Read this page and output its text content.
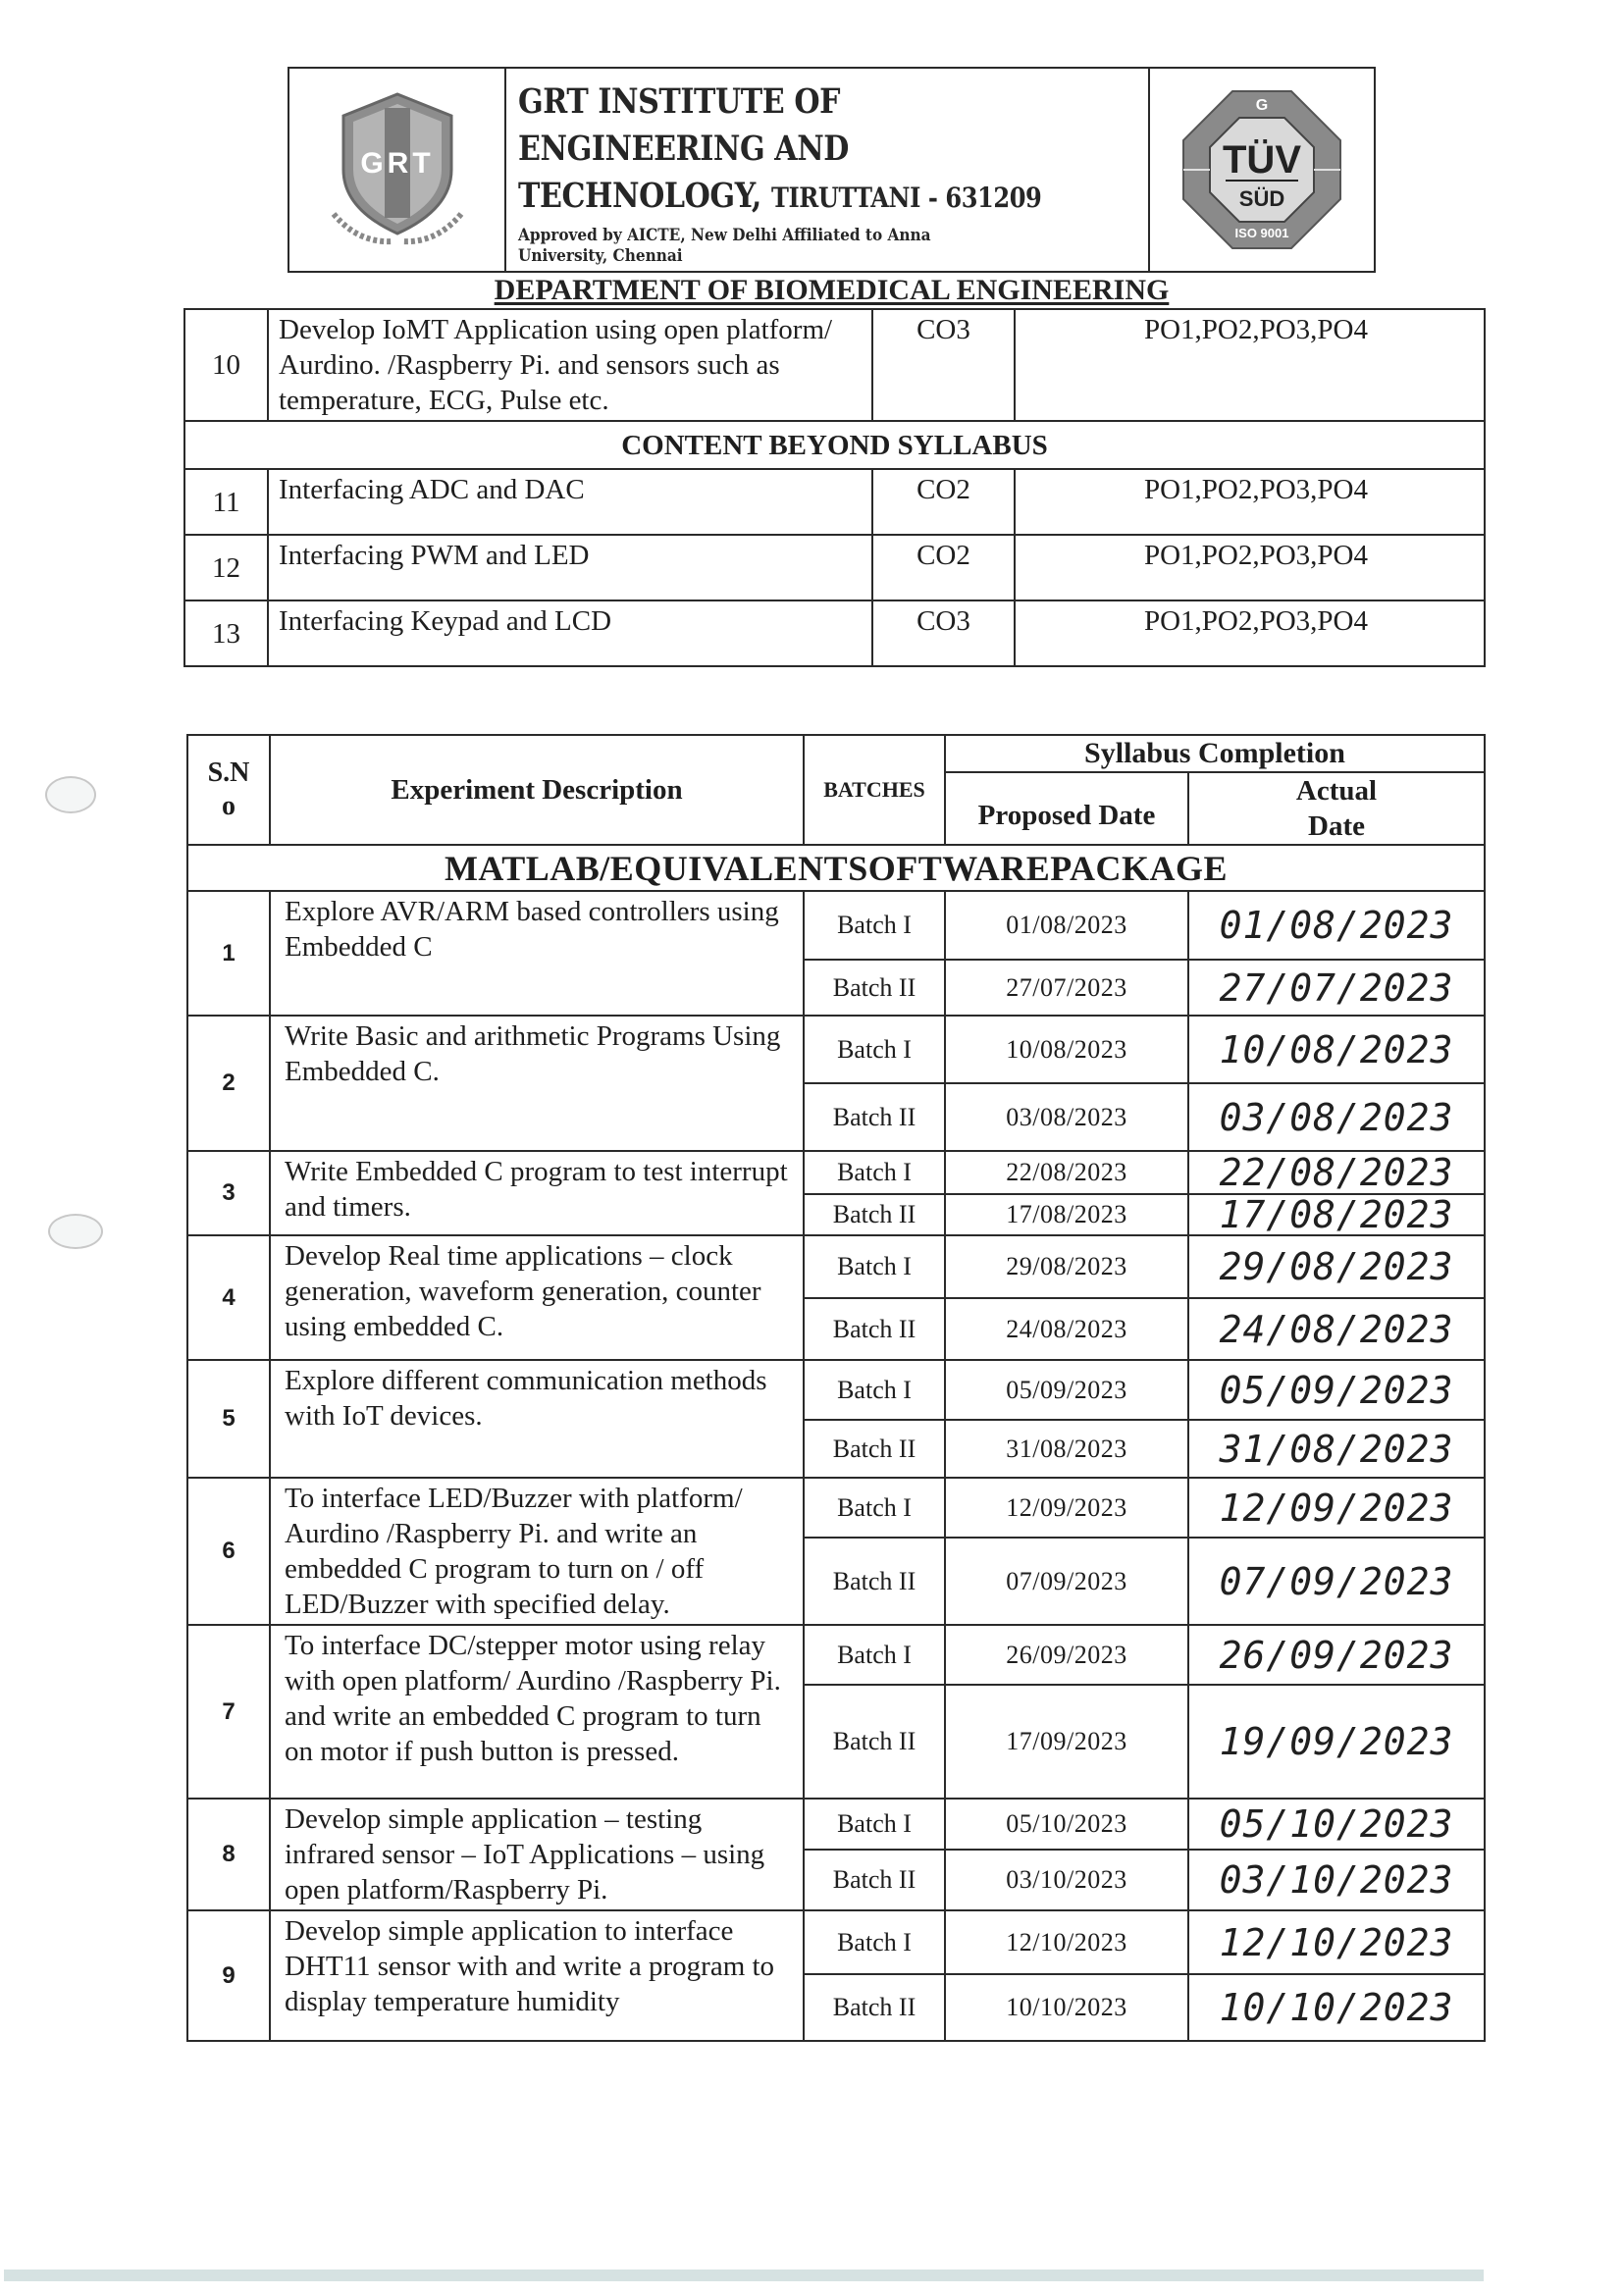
GRT
GRT INSTITUTE OF
ENGINEERING AND
TECHNOLOGY, TIRUTTANI - 631209
Approved by AICTE, New Delhi Affiliated to Anna
University, Chennai
G
TÜV
SÜD
ISO 9001
DEPARTMENT OF BIOMEDICAL ENGINEERING
10	Develop IoMT Application using open platform/ Aurdino. /Raspberry Pi. and sensors such as temperature, ECG, Pulse etc.	CO3	PO1,PO2,PO3,PO4
CONTENT BEYOND SYLLABUS			
11	Interfacing ADC and DAC	CO2	PO1,PO2,PO3,PO4
12	Interfacing PWM and LED	CO2	PO1,PO2,PO3,PO4
13	Interfacing Keypad and LCD	CO3	PO1,PO2,PO3,PO4
S.N
o	Experiment Description	BATCHES	Syllabus Completion	
			Proposed Date	Actual
Date

MATLAB/EQUIVALENTSOFTWAREPACKAGE				
1	Explore AVR/ARM based controllers using Embedded C	Batch I	01/08/2023	01/08/2023
		Batch II	27/07/2023	27/07/2023
2	Write Basic and arithmetic Programs Using Embedded C.	Batch I	10/08/2023	10/08/2023
		Batch II	03/08/2023	03/08/2023
3	Write Embedded C program to test interrupt and timers.	Batch I	22/08/2023	22/08/2023
		Batch II	17/08/2023	17/08/2023
4	Develop Real time applications – clock generation, waveform generation, counter using embedded C.	Batch I	29/08/2023	29/08/2023
		Batch II	24/08/2023	24/08/2023
5	Explore different communication methods with IoT devices.	Batch I	05/09/2023	05/09/2023
		Batch II	31/08/2023	31/08/2023
6	To interface LED/Buzzer with platform/ Aurdino /Raspberry Pi. and write an embedded C program to turn on / off LED/Buzzer with specified delay.	Batch I	12/09/2023	12/09/2023
		Batch II	07/09/2023	07/09/2023
7	To interface DC/stepper motor using relay with open platform/ Aurdino /Raspberry Pi. and write an embedded C program to turn on motor if push button is pressed.	Batch I	26/09/2023	26/09/2023
		Batch II	17/09/2023	19/09/2023
8	Develop simple application – testing infrared sensor – IoT Applications – using open platform/Raspberry Pi.	Batch I	05/10/2023	05/10/2023
		Batch II	03/10/2023	03/10/2023
9	Develop simple application to interface DHT11 sensor with and write a program to display temperature humidity	Batch I	12/10/2023	12/10/2023
		Batch II	10/10/2023	10/10/2023
